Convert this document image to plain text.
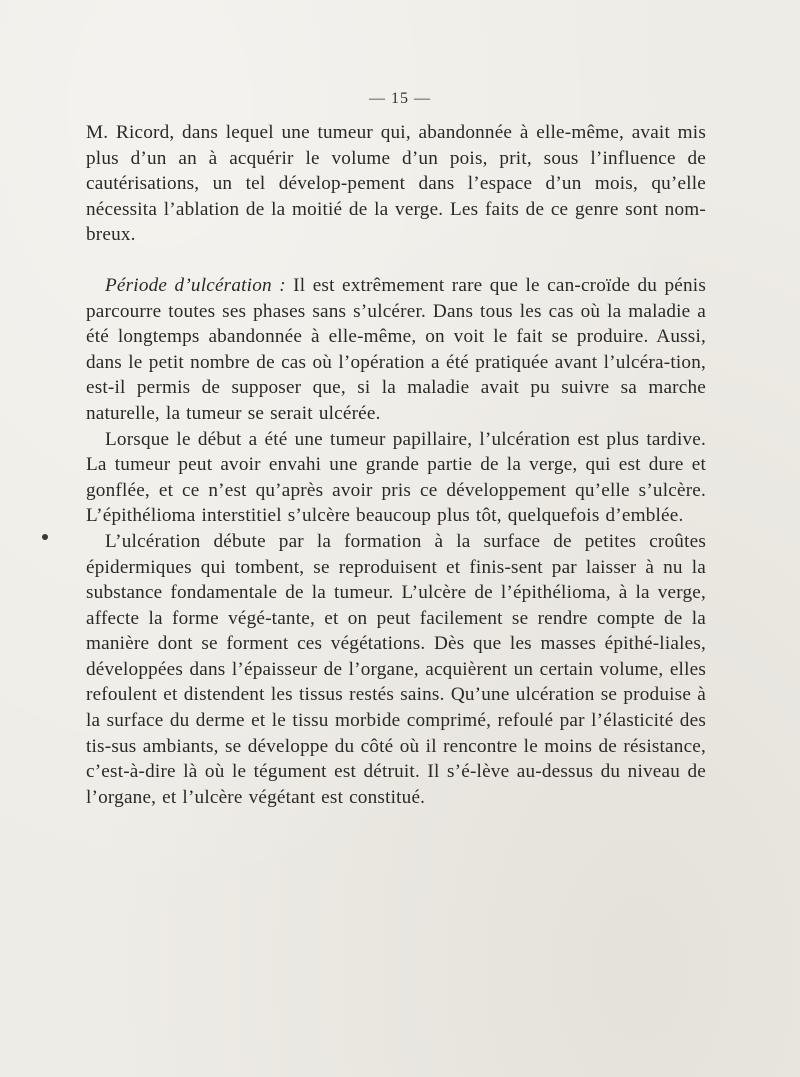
— 15 —

M. Ricord, dans lequel une tumeur qui, abandonnée à elle-même, avait mis plus d’un an à acquérir le volume d’un pois, prit, sous l’influence de cautérisations, un tel dévelop-pement dans l’espace d’un mois, qu’elle nécessita l’ablation de la moitié de la verge. Les faits de ce genre sont nom-breux.

Période d’ulcération : Il est extrêmement rare que le can-croïde du pénis parcourre toutes ses phases sans s’ulcérer. Dans tous les cas où la maladie a été longtemps abandonnée à elle-même, on voit le fait se produire. Aussi, dans le petit nombre de cas où l’opération a été pratiquée avant l’ulcéra-tion, est-il permis de supposer que, si la maladie avait pu suivre sa marche naturelle, la tumeur se serait ulcérée.

Lorsque le début a été une tumeur papillaire, l’ulcération est plus tardive. La tumeur peut avoir envahi une grande partie de la verge, qui est dure et gonflée, et ce n’est qu’après avoir pris ce développement qu’elle s’ulcère. L’épithélioma interstitiel s’ulcère beaucoup plus tôt, quelquefois d’emblée.

L’ulcération débute par la formation à la surface de petites croûtes épidermiques qui tombent, se reproduisent et finis-sent par laisser à nu la substance fondamentale de la tumeur. L’ulcère de l’épithélioma, à la verge, affecte la forme végé-tante, et on peut facilement se rendre compte de la manière dont se forment ces végétations. Dès que les masses épithé-liales, développées dans l’épaisseur de l’organe, acquièrent un certain volume, elles refoulent et distendent les tissus restés sains. Qu’une ulcération se produise à la surface du derme et le tissu morbide comprimé, refoulé par l’élasticité des tis-sus ambiants, se développe du côté où il rencontre le moins de résistance, c’est-à-dire là où le tégument est détruit. Il s’é-lève au-dessus du niveau de l’organe, et l’ulcère végétant est constitué.
